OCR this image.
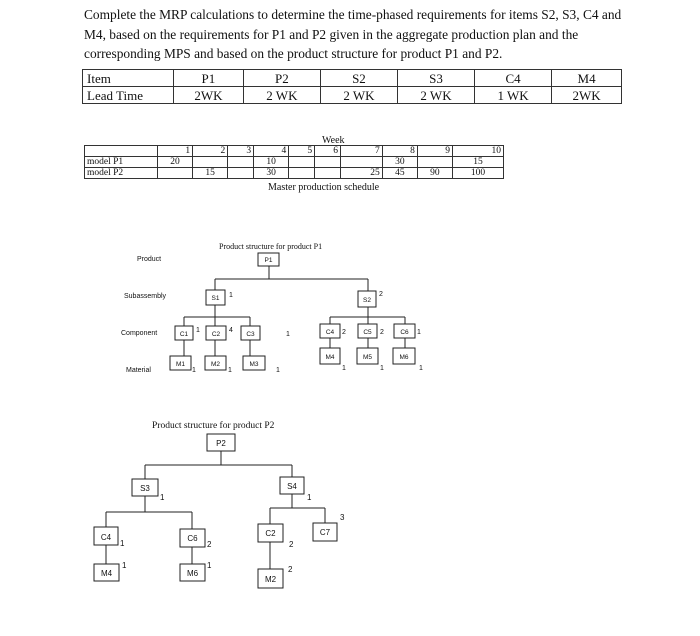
Complete the MRP calculations to determine the time-phased requirements for items S2, S3, C4 and M4, based on the requirements for P1 and P2 given in the aggregate production plan and the corresponding MPS and based on the product structure for product P1 and P2.
Item	P1	P2	S2	S3	C4	M4
Lead Time	2WK	2 WK	2 WK	2 WK	1 WK	2WK
Week
	1	2	3	4	5	6	7	8	9	10
model P1	20			10				30		15
model P2		15		30			25	45	90	100
Master production schedule
Product structure for product P1
Product
Subassembly
Component
Material
P1
S1 1
S2
2
C1
1
C2
4
C3	1	C4 2	C5 2	C6 1
M1
1
M2
1
M3
1
M4
1
M5
1
M6
1
Product structure for product P2
P2
S3
1
S4
1
C4
1
C6
2
C2
2
C7
3
M4
1
M6
1
M2
2
